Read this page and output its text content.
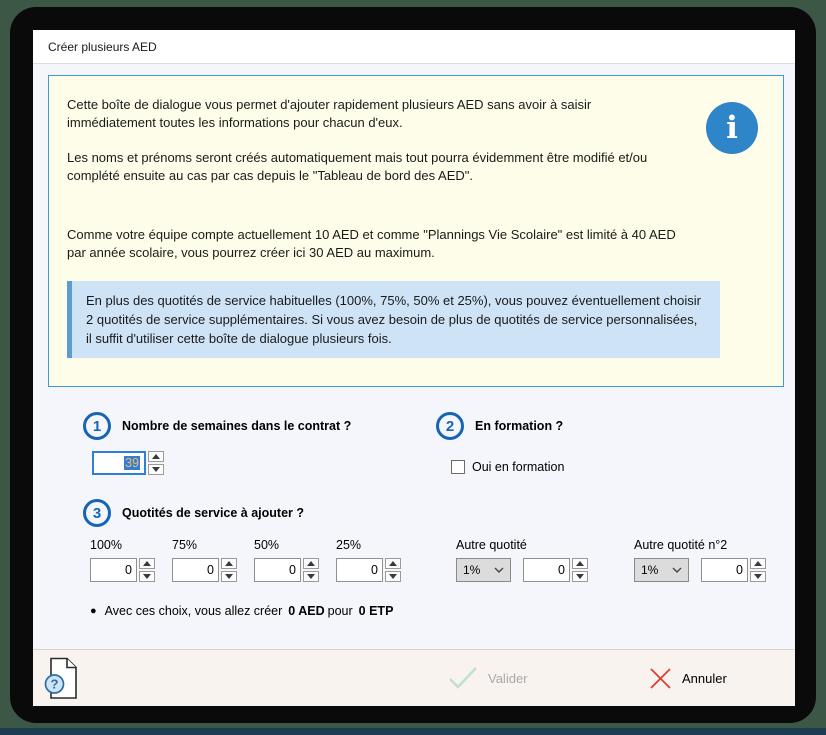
Créer plusieurs AED

Cette boîte de dialogue vous permet d'ajouter rapidement plusieurs AED sans avoir à saisir immédiatement toutes les informations pour chacun d'eux.

Les noms et prénoms seront créés automatiquement mais tout pourra évidemment être modifié et/ou complété ensuite au cas par cas depuis le "Tableau de bord des AED".

Comme votre équipe compte actuellement 10 AED et comme "Plannings Vie Scolaire" est limité à 40 AED par année scolaire, vous pourrez créer ici 30 AED au maximum.

En plus des quotités de service habituelles (100%, 75%, 50% et 25%), vous pouvez éventuellement choisir 2 quotités de service supplémentaires. Si vous avez besoin de plus de quotités de service personnalisées, il suffit d'utiliser cette boîte de dialogue plusieurs fois.
i
1	Nombre de semaines dans le contrat ?
39
2	En formation ?
Oui en formation
3	Quotités de service à ajouter ?
100%
0
75%
0
50%
0
25%
0
Autre quotité
1%	0
Autre quotité n°2
1%	0
● Avec ces choix, vous allez créer 0 AED pour 0 ETP
?	Valider	Annuler
